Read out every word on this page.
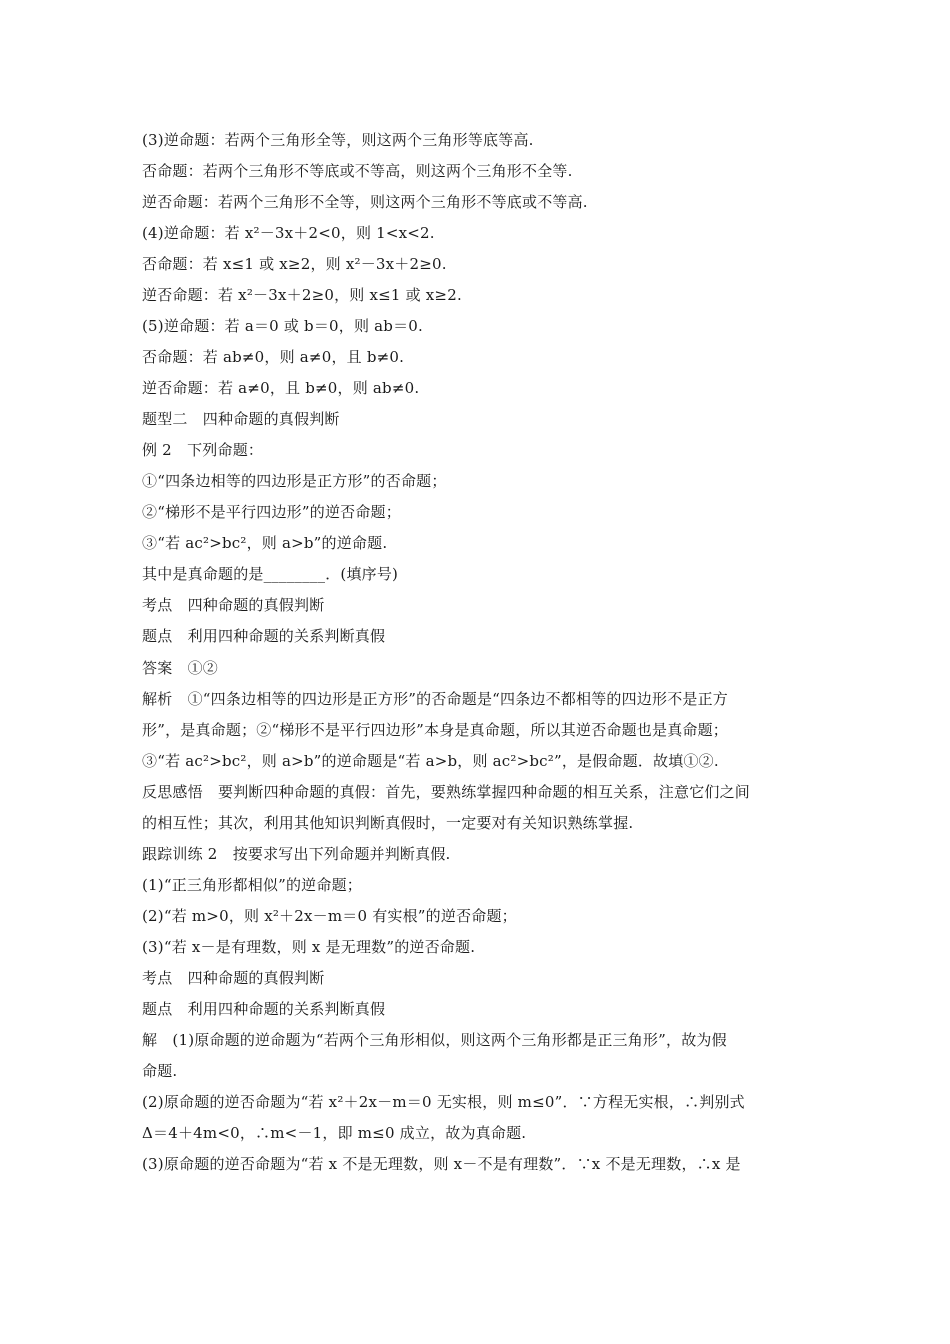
(3)逆命题：若两个三角形全等，则这两个三角形等底等高.
否命题：若两个三角形不等底或不等高，则这两个三角形不全等.
逆否命题：若两个三角形不全等，则这两个三角形不等底或不等高.
(4)逆命题：若 x²－3x＋2<0，则 1<x<2.
否命题：若 x≤1 或 x≥2，则 x²－3x＋2≥0.
逆否命题：若 x²－3x＋2≥0，则 x≤1 或 x≥2.
(5)逆命题：若 a＝0 或 b＝0，则 ab＝0.
否命题：若 ab≠0，则 a≠0，且 b≠0.
逆否命题：若 a≠0，且 b≠0，则 ab≠0.
题型二　四种命题的真假判断
例 2　下列命题：
①“四条边相等的四边形是正方形”的否命题；
②“梯形不是平行四边形”的逆否命题；
③“若 ac²>bc²，则 a>b”的逆命题.
其中是真命题的是________．(填序号)
考点　四种命题的真假判断
题点　利用四种命题的关系判断真假
答案　①②
解析　①“四条边相等的四边形是正方形”的否命题是“四条边不都相等的四边形不是正方
形”，是真命题；②“梯形不是平行四边形”本身是真命题，所以其逆否命题也是真命题；
③“若 ac²>bc²，则 a>b”的逆命题是“若 a>b，则 ac²>bc²”，是假命题．故填①②.
反思感悟　要判断四种命题的真假：首先，要熟练掌握四种命题的相互关系，注意它们之间
的相互性；其次，利用其他知识判断真假时，一定要对有关知识熟练掌握.
跟踪训练 2　按要求写出下列命题并判断真假.
(1)“正三角形都相似”的逆命题；
(2)“若 m>0，则 x²＋2x－m＝0 有实根”的逆否命题；
(3)“若 x－是有理数，则 x 是无理数”的逆否命题.
考点　四种命题的真假判断
题点　利用四种命题的关系判断真假
解　(1)原命题的逆命题为“若两个三角形相似，则这两个三角形都是正三角形”，故为假
命题.
(2)原命题的逆否命题为“若 x²＋2x－m＝0 无实根，则 m≤0”．∵方程无实根，∴判别式
Δ＝4＋4m<0，∴m<－1，即 m≤0 成立，故为真命题.
(3)原命题的逆否命题为“若 x 不是无理数，则 x－不是有理数”．∵x 不是无理数，∴x 是
